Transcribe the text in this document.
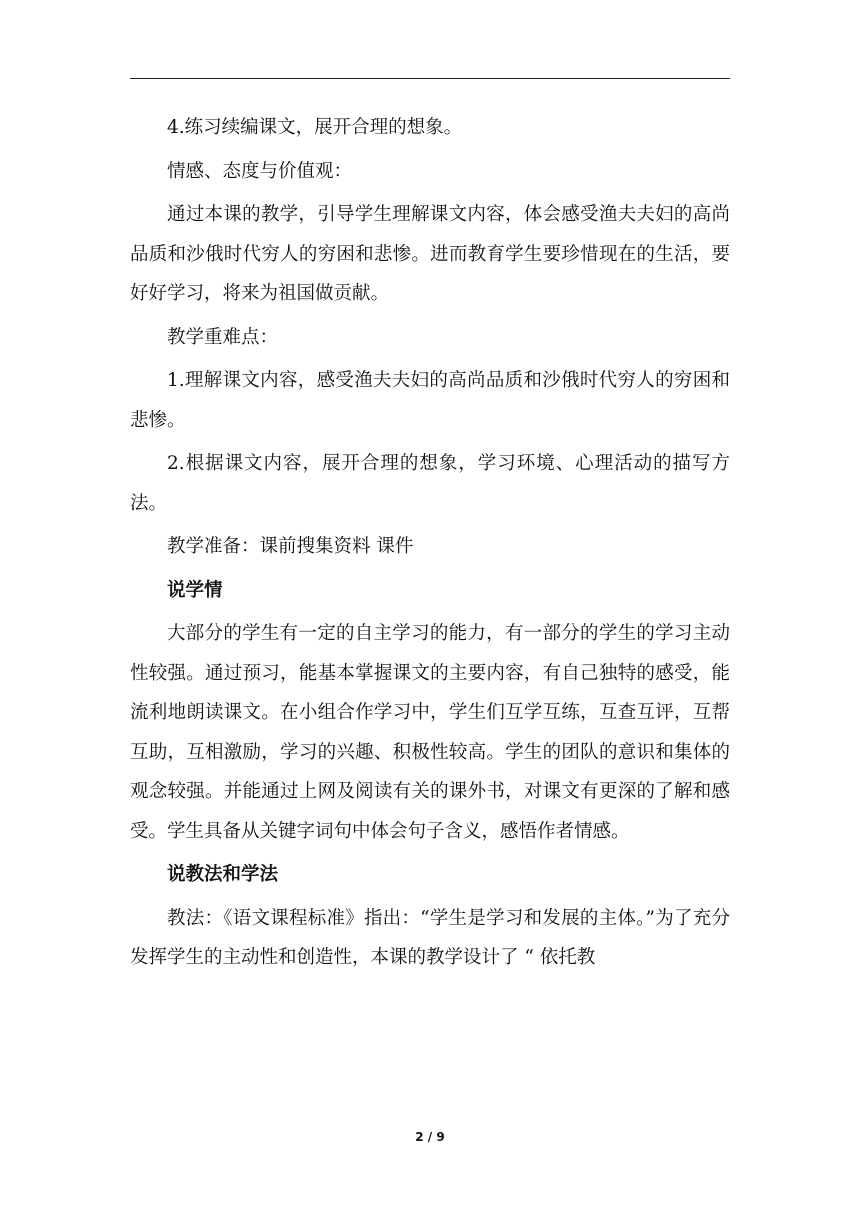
4.练习续编课文，展开合理的想象。

情感、态度与价值观：

通过本课的教学，引导学生理解课文内容，体会感受渔夫夫妇的高尚品质和沙俄时代穷人的穷困和悲惨。进而教育学生要珍惜现在的生活，要好好学习，将来为祖国做贡献。

教学重难点：

1.理解课文内容，感受渔夫夫妇的高尚品质和沙俄时代穷人的穷困和悲惨。

2.根据课文内容，展开合理的想象，学习环境、心理活动的描写方法。

教学准备：课前搜集资料 课件

说学情

大部分的学生有一定的自主学习的能力，有一部分的学生的学习主动性较强。通过预习，能基本掌握课文的主要内容，有自己独特的感受，能流利地朗读课文。在小组合作学习中，学生们互学互练，互查互评，互帮互助，互相激励，学习的兴趣、积极性较高。学生的团队的意识和集体的观念较强。并能通过上网及阅读有关的课外书，对课文有更深的了解和感受。学生具备从关键字词句中体会句子含义，感悟作者情感。

说教法和学法

教法：《语文课程标准》指出：“学生是学习和发展的主体。”为了充分发挥学生的主动性和创造性，本课的教学设计了 “ 依托教

2 / 9
